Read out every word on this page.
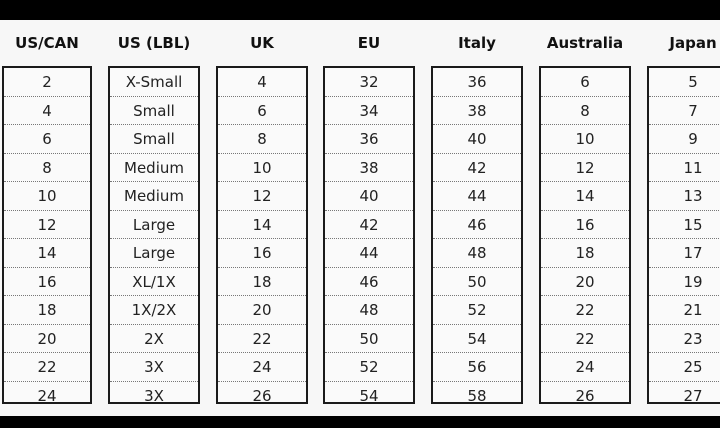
US/CAN
2
4
6
8
10
12
14
16
18
20
22
24
US (LBL)
X-Small
Small
Small
Medium
Medium
Large
Large
XL/1X
1X/2X
2X
3X
3X
UK
4
6
8
10
12
14
16
18
20
22
24
26
EU
32
34
36
38
40
42
44
46
48
50
52
54
Italy
36
38
40
42
44
46
48
50
52
54
56
58
Australia
6
8
10
12
14
16
18
20
22
22
24
26
Japan
5
7
9
11
13
15
17
19
21
23
25
27
